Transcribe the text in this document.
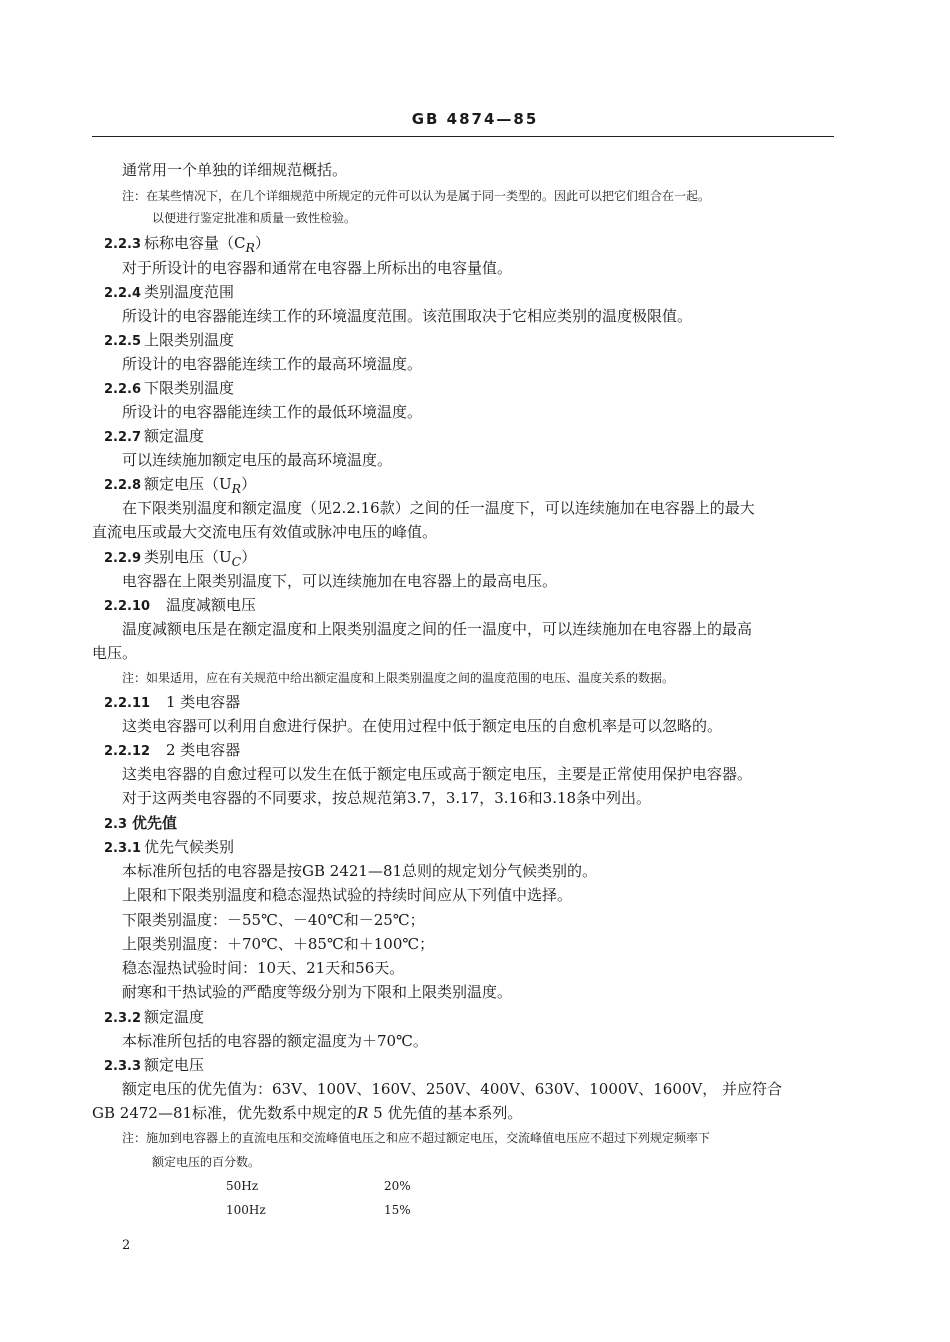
GB 4874—85
通常用一个单独的详细规范概括。
注：在某些情况下，在几个详细规范中所规定的元件可以认为是属于同一类型的。因此可以把它们组合在一起。
以便进行鉴定批准和质量一致性检验。
2.2.3 标称电容量$(C_R)$
对于所设计的电容器和通常在电容器上所标出的电容量值。
2.2.4 类别温度范围
所设计的电容器能连续工作的环境温度范围。该范围取决于它相应类别的温度极限值。
2.2.5 上限类别温度
所设计的电容器能连续工作的最高环境温度。
2.2.6 下限类别温度
所设计的电容器能连续工作的最低环境温度。
2.2.7 额定温度
可以连续施加额定电压的最高环境温度。
2.2.8 额定电压$(U_R)$
在下限类别温度和额定温度（见2.2.16款）之间的任一温度下，可以连续施加在电容器上的最大
直流电压或最大交流电压有效值或脉冲电压的峰值。
2.2.9 类别电压$(U_C)$
电容器在上限类别温度下，可以连续施加在电容器上的最高电压。
2.2.10 温度减额电压
温度减额电压是在额定温度和上限类别温度之间的任一温度中，可以连续施加在电容器上的最高
电压。
注：如果适用，应在有关规范中给出额定温度和上限类别温度之间的温度范围的电压、温度关系的数据。
2.2.11 1 类电容器
这类电容器可以利用自愈进行保护。在使用过程中低于额定电压的自愈机率是可以忽略的。
2.2.12 2 类电容器
这类电容器的自愈过程可以发生在低于额定电压或高于额定电压，主要是正常使用保护电容器。
对于这两类电容器的不同要求，按总规范第3.7，3.17，3.16和3.18条中列出。
2.3 优先值
2.3.1 优先气候类别
本标准所包括的电容器是按GB 2421—81总则的规定划分气候类别的。
上限和下限类别温度和稳态湿热试验的持续时间应从下列值中选择。
下限类别温度：－55℃、－40℃和－25℃；
上限类别温度：＋70℃、＋85℃和＋100℃；
稳态湿热试验时间：10天、21天和56天。
耐寒和干热试验的严酷度等级分别为下限和上限类别温度。
2.3.2 额定温度
本标准所包括的电容器的额定温度为＋70℃。
2.3.3 额定电压
额定电压的优先值为：63V、100V、160V、250V、400V、630V、1000V、1600V， 并应符合
GB 2472—81标准，优先数系中规定的R 5 优先值的基本系列。
注：施加到电容器上的直流电压和交流峰值电压之和应不超过额定电压，交流峰值电压应不超过下列规定频率下
额定电压的百分数。
50Hz	20%
100Hz	15%
2
